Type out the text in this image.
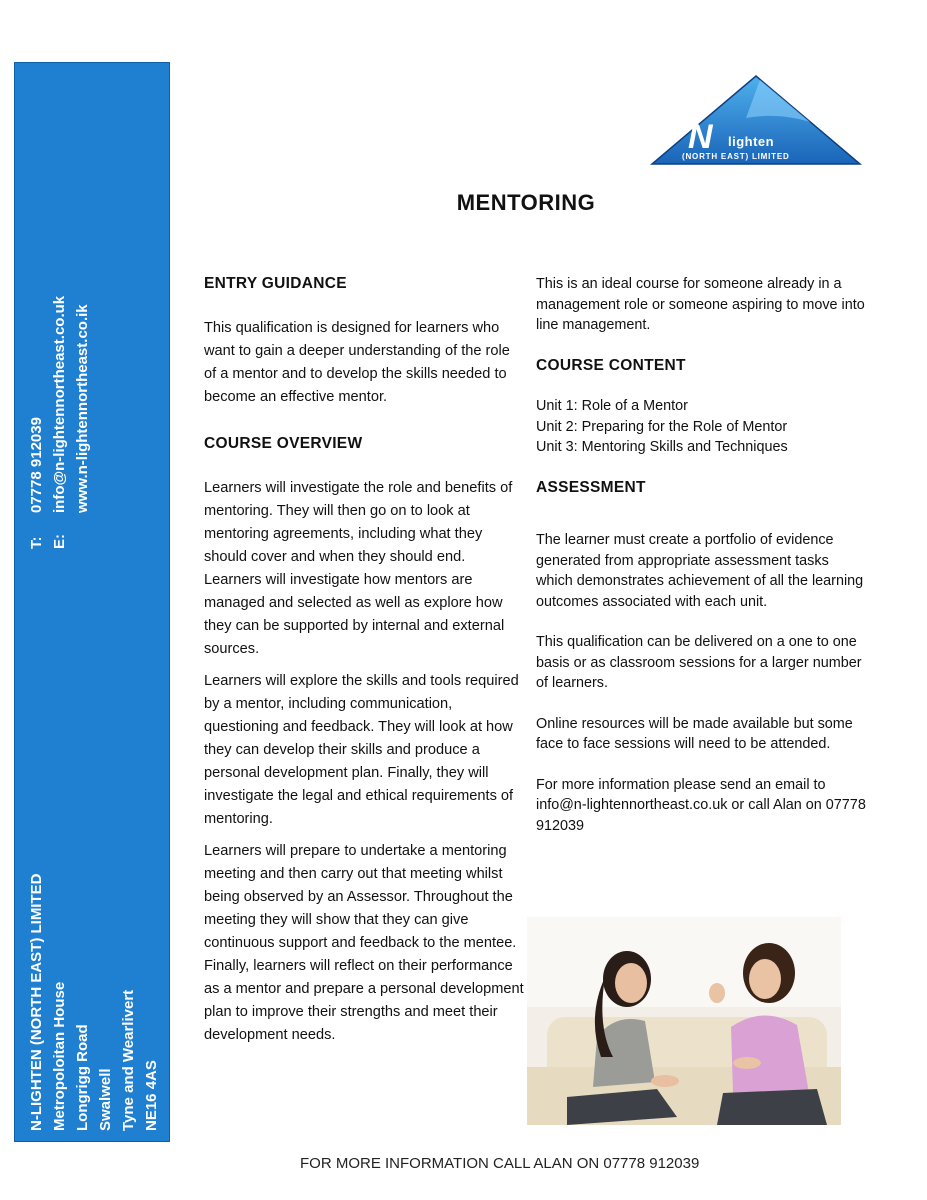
N-LIGHTEN (NORTH EAST) LIMITED Metropoloitan House Longrigg Road Swalwell Tyne and Wearlivert NE16 4AS
T:
07778 912039
E:
info@n-lightennortheast.co.uk www.n-lightennortheast.co.ik
N lighten
(NORTH EAST) LIMITED
MENTORING
ENTRY GUIDANCE

This qualification is designed for learners who want to gain a deeper understanding of the role of a mentor and to develop the skills needed to become an effective mentor.

COURSE OVERVIEW

Learners will investigate the role and benefits of mentoring. They will then go on to look at mentoring agreements, including what they should cover and when they should end. Learners will investigate how mentors are managed and selected as well as explore how they can be supported by internal and external sources.

Learners will explore the skills and tools required by a mentor, including communication, questioning and feedback. They will look at how they can develop their skills and produce a personal development plan. Finally, they will investigate the legal and ethical requirements of mentoring.

Learners will prepare to undertake a mentoring meeting and then carry out that meeting whilst being observed by an Assessor. Throughout the meeting they will show that they can give continuous support and feedback to the mentee. Finally, learners will reflect on their performance as a mentor and prepare a personal development plan to improve their strengths and meet their development needs.

This is an ideal course for someone already in a management role or someone aspiring to move into line management.

COURSE CONTENT

Unit 1: Role of a Mentor

Unit 2: Preparing for the Role of Mentor

Unit 3: Mentoring Skills and Techniques

ASSESSMENT

The learner must create a portfolio of evidence generated from appropriate assessment tasks which demonstrates achievement of all the learning outcomes associated with each unit.

This qualification can be delivered on a one to one basis or as classroom sessions for a larger number of learners.

Online resources will be made available but some face to face sessions will need to be attended.

For more information please send an email to info@n-lightennortheast.co.uk or call Alan on 07778 912039

FOR MORE INFORMATION CALL ALAN ON 07778 912039
